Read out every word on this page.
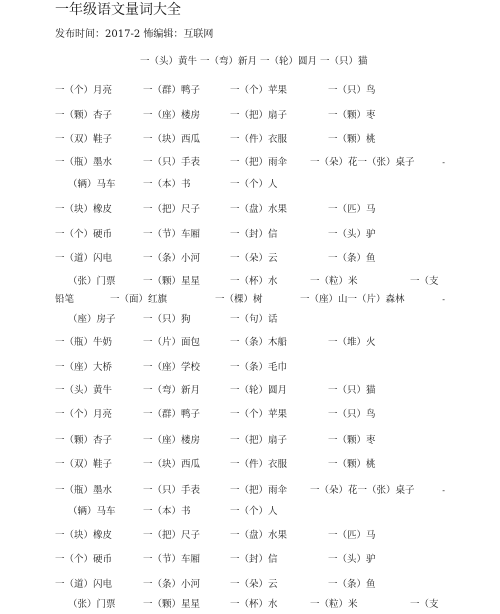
一年级语文量词大全
发布时间：2017-2 怖编辑：互联网
一（头）黄牛 一（弯）新月 一（轮）圆月 一（只）猫
一（个）月亮	一（群）鸭子	一（个）苹果	一（只）鸟
一（颗）杏子	一（座）楼房	一（把）扇子	一（颗）枣
一（双）鞋子	一（块）西瓜	一（件）衣服	一（颗）桃
一（瓶）墨水	一（只）手表	一（把）雨伞 一（朵）花一（张）桌子	-
（辆）马车	一（本）书	一（个）人
一（块）橡皮	一（把）尺子	一（盘）水果	一（匹）马
一（个）硬币	一（节）车厢	一（封）信	一（头）驴
一（道）闪电	一（条）小河	一（朵）云	一（条）鱼
（张）门票	一（颗）星星	一（杯）水	一（粒）米	一（支
铅笔	一（面）红旗	一（棵）树	一（座）山一（片）森林	-
（座）房子	一（只）狗	一（句）话
一（瓶）牛奶	一（片）面包	一（条）木船	一（堆）火
一（座）大桥	一（座）学校	一（条）毛巾
一（头）黄牛	一（弯）新月	一（轮）圆月	一（只）猫
一（个）月亮	一（群）鸭子	一（个）苹果	一（只）鸟
一（颗）杏子	一（座）楼房	一（把）扇子	一（颗）枣
一（双）鞋子	一（块）西瓜	一（件）衣服	一（颗）桃
一（瓶）墨水	一（只）手表	一（把）雨伞 一（朵）花一（张）桌子	-
（辆）马车	一（本）书	一（个）人
一（块）橡皮	一（把）尺子	一（盘）水果	一（匹）马
一（个）硬币	一（节）车厢	一（封）信	一（头）驴
一（道）闪电	一（条）小河	一（朵）云	一（条）鱼
（张）门票	一（颗）星星	一（杯）水	一（粒）米	一（支
